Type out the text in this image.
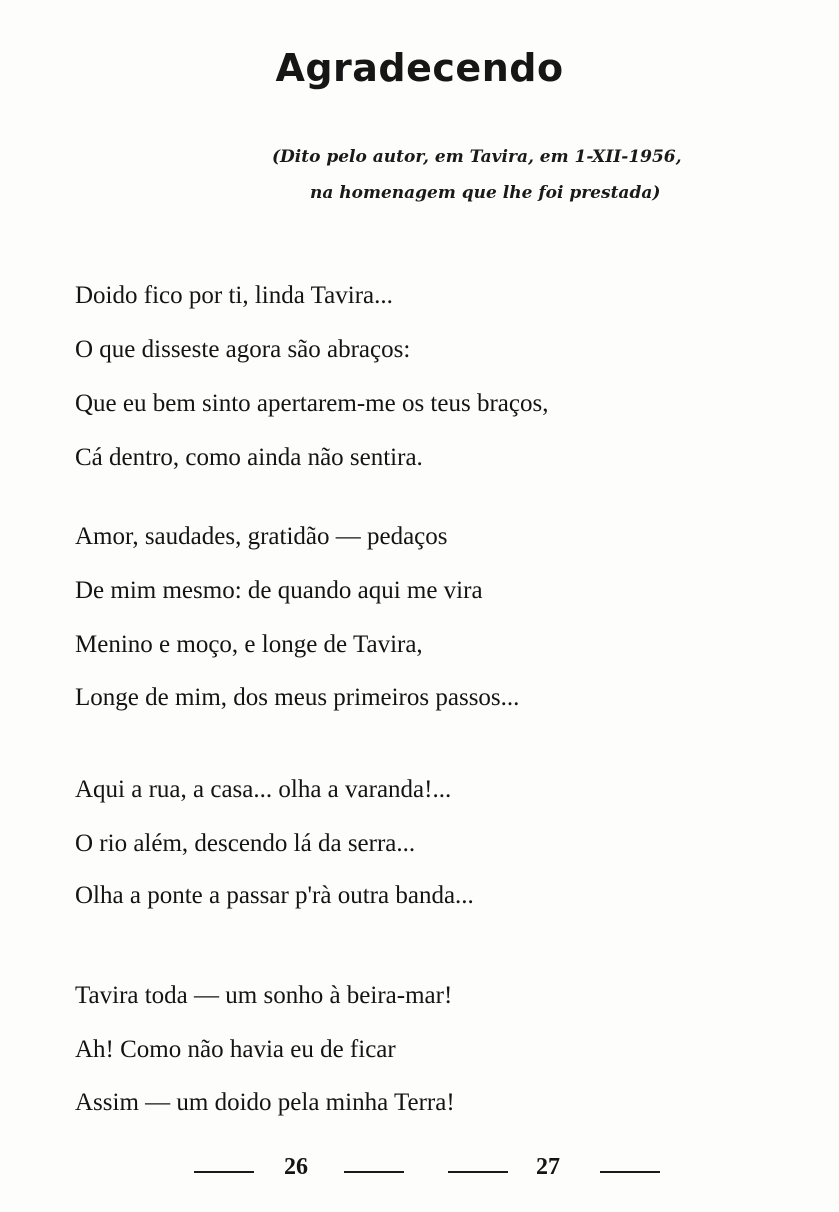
Agradecendo
(Dito pelo autor, em Tavira, em 1-XII-1956,
na homenagem que lhe foi prestada)
Doido fico por ti, linda Tavira...
O que disseste agora são abraços:
Que eu bem sinto apertarem-me os teus braços,
Cá dentro, como ainda não sentira.
Amor, saudades, gratidão — pedaços
De mim mesmo: de quando aqui me vira
Menino e moço, e longe de Tavira,
Longe de mim, dos meus primeiros passos...
Aqui a rua, a casa... olha a varanda!...
O rio além, descendo lá da serra...
Olha a ponte a passar p'rà outra banda...
Tavira toda — um sonho à beira-mar!
Ah! Como não havia eu de ficar
Assim — um doido pela minha Terra!
26	27
